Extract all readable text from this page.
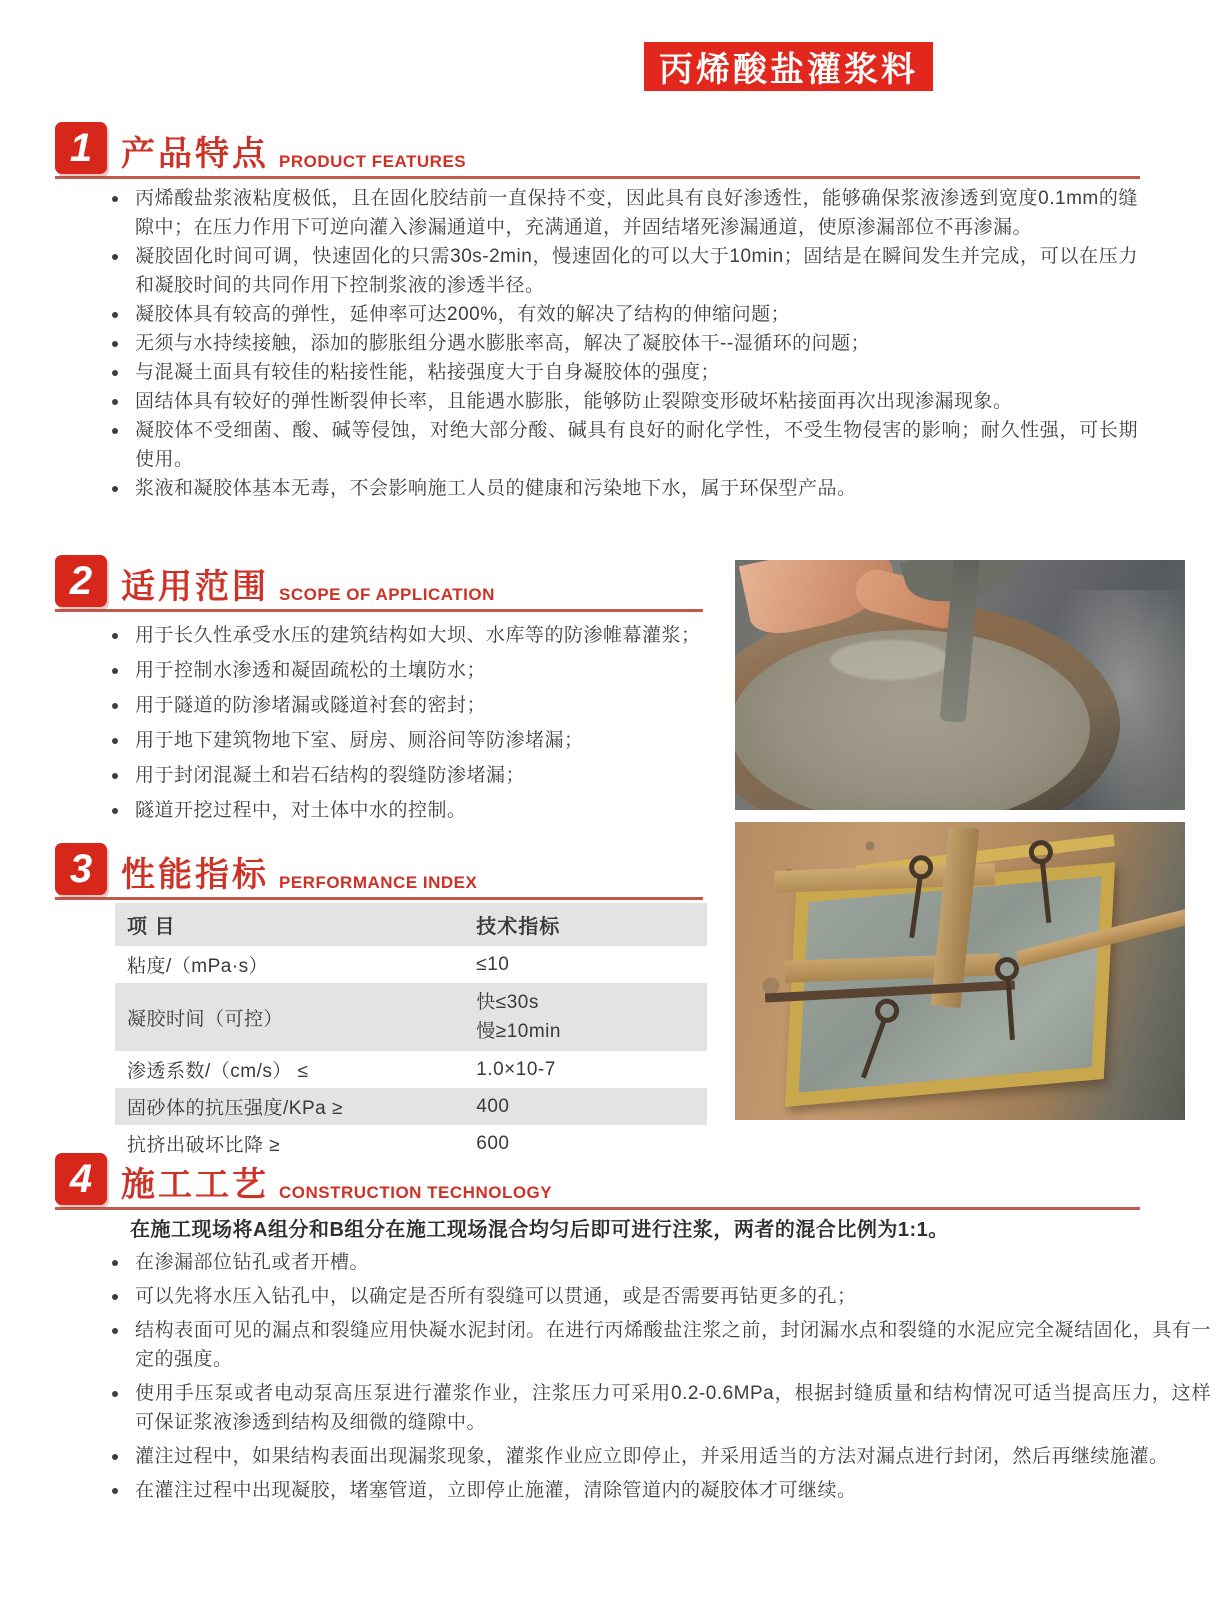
丙烯酸盐灌浆料
1 产品特点 PRODUCT FEATURES
丙烯酸盐浆液粘度极低，且在固化胶结前一直保持不变，因此具有良好渗透性，能够确保浆液渗透到宽度0.1mm的缝隙中；在压力作用下可逆向灌入渗漏通道中，充满通道，并固结堵死渗漏通道，使原渗漏部位不再渗漏。
凝胶固化时间可调，快速固化的只需30s-2min，慢速固化的可以大于10min；固结是在瞬间发生并完成，可以在压力和凝胶时间的共同作用下控制浆液的渗透半径。
凝胶体具有较高的弹性，延伸率可达200%，有效的解决了结构的伸缩问题；
无须与水持续接触，添加的膨胀组分遇水膨胀率高，解决了凝胶体干--湿循环的问题；
与混凝土面具有较佳的粘接性能，粘接强度大于自身凝胶体的强度；
固结体具有较好的弹性断裂伸长率，且能遇水膨胀，能够防止裂隙变形破坏粘接面再次出现渗漏现象。
凝胶体不受细菌、酸、碱等侵蚀，对绝大部分酸、碱具有良好的耐化学性，不受生物侵害的影响；耐久性强，可长期使用。
浆液和凝胶体基本无毒，不会影响施工人员的健康和污染地下水，属于环保型产品。
2 适用范围 SCOPE OF APPLICATION
用于长久性承受水压的建筑结构如大坝、水库等的防渗帷幕灌浆；
用于控制水渗透和凝固疏松的土壤防水；
用于隧道的防渗堵漏或隧道衬套的密封；
用于地下建筑物地下室、厨房、厕浴间等防渗堵漏；
用于封闭混凝土和岩石结构的裂缝防渗堵漏；
隧道开挖过程中，对土体中水的控制。
3 性能指标 PERFORMANCE INDEX
项 目	技术指标
粘度/（mPa·s）	≤10
凝胶时间（可控）	快≤30s
慢≥10min

渗透系数/（cm/s） ≤	1.0×10-7
固砂体的抗压强度/KPa ≥	400
抗挤出破坏比降 ≥	600
4 施工工艺 CONSTRUCTION TECHNOLOGY
在施工现场将A组分和B组分在施工现场混合均匀后即可进行注浆，两者的混合比例为1:1。
在渗漏部位钻孔或者开槽。
可以先将水压入钻孔中，以确定是否所有裂缝可以贯通，或是否需要再钻更多的孔；
结构表面可见的漏点和裂缝应用快凝水泥封闭。在进行丙烯酸盐注浆之前，封闭漏水点和裂缝的水泥应完全凝结固化，具有一定的强度。
使用手压泵或者电动泵高压泵进行灌浆作业，注浆压力可采用0.2-0.6MPa，根据封缝质量和结构情况可适当提高压力，这样可保证浆液渗透到结构及细微的缝隙中。
灌注过程中，如果结构表面出现漏浆现象，灌浆作业应立即停止，并采用适当的方法对漏点进行封闭，然后再继续施灌。
在灌注过程中出现凝胶，堵塞管道，立即停止施灌，清除管道内的凝胶体才可继续。
